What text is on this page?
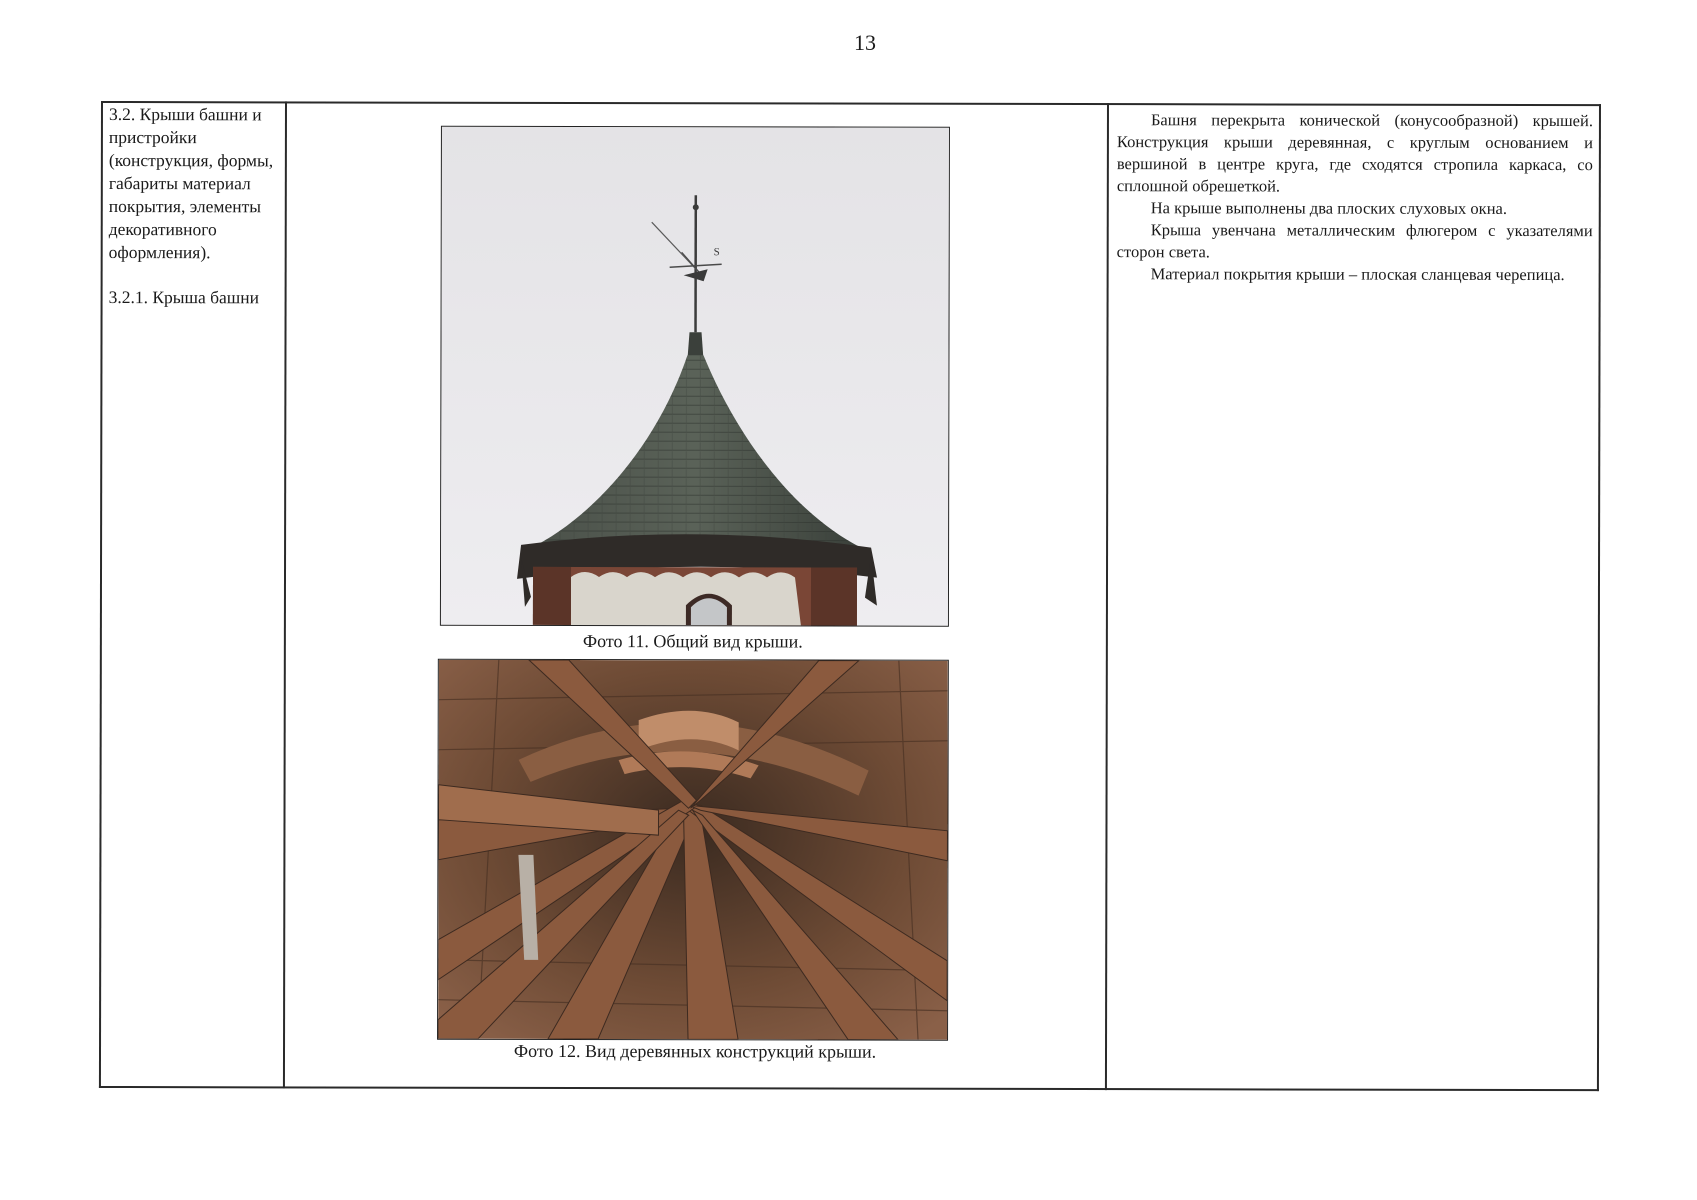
13

3.2. Крыши башни и пристройки (конструкция, формы, габариты материал покрытия, элементы декоративного оформления).

3.2.1. Крыша башни

S
Фото 11. Общий вид крыши.
Фото 12. Вид деревянных конструкций крыши.

Башня перекрыта конической (конусообразной) крышей. Конструкция крыши деревянная, с круглым основанием и вершиной в центре круга, где сходятся стропила каркаса, со сплошной обрешеткой.

На крыше выполнены два плоских слуховых окна.

Крыша увенчана металлическим флюгером с указателями сторон света.

Материал покрытия крыши – плоская сланцевая черепица.
